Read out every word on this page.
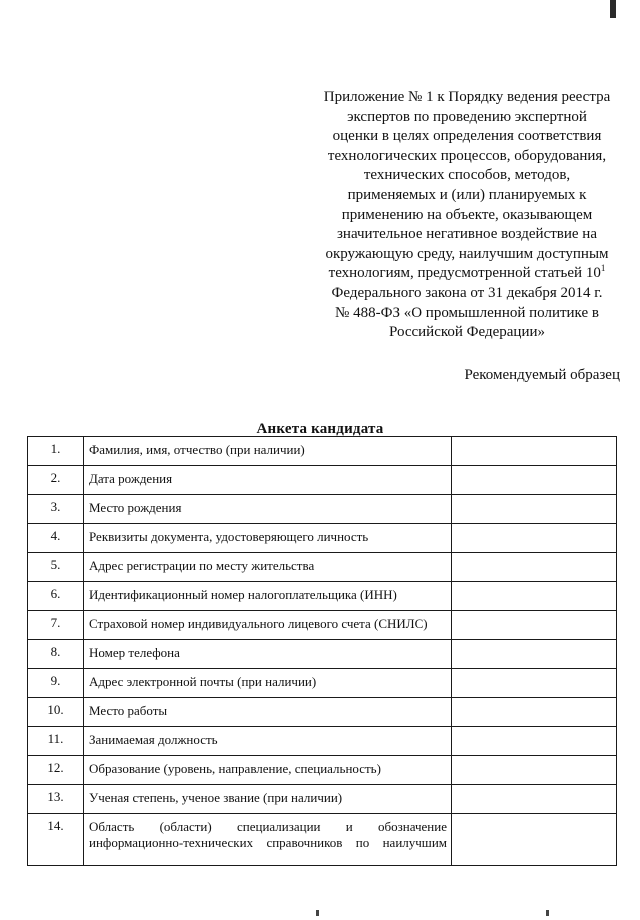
Приложение № 1 к Порядку ведения реестра
экспертов по проведению экспертной
оценки в целях определения соответствия
технологических процессов, оборудования,
технических способов, методов,
применяемых и (или) планируемых к
применению на объекте, оказывающем
значительное негативное воздействие на
окружающую среду, наилучшим доступным
технологиям, предусмотренной статьей $10^1$
Федерального закона от 31 декабря 2014 г.
№ 488-ФЗ «О промышленной политике в
Российской Федерации»
Рекомендуемый образец
Анкета кандидата
1.	Фамилия, имя, отчество (при наличии)	
2.	Дата рождения	
3.	Место рождения	
4.	Реквизиты документа, удостоверяющего личность	
5.	Адрес регистрации по месту жительства	
6.	Идентификационный номер налогоплательщика (ИНН)	
7.	Страховой номер индивидуального лицевого счета (СНИЛС)	
8.	Номер телефона	
9.	Адрес электронной почты (при наличии)	
10.	Место работы	
11.	Занимаемая должность	
12.	Образование (уровень, направление, специальность)	
13.	Ученая степень, ученое звание (при наличии)	
14.	Область (области) специализации и обозначение
информационно-технических справочников по наилучшим	
